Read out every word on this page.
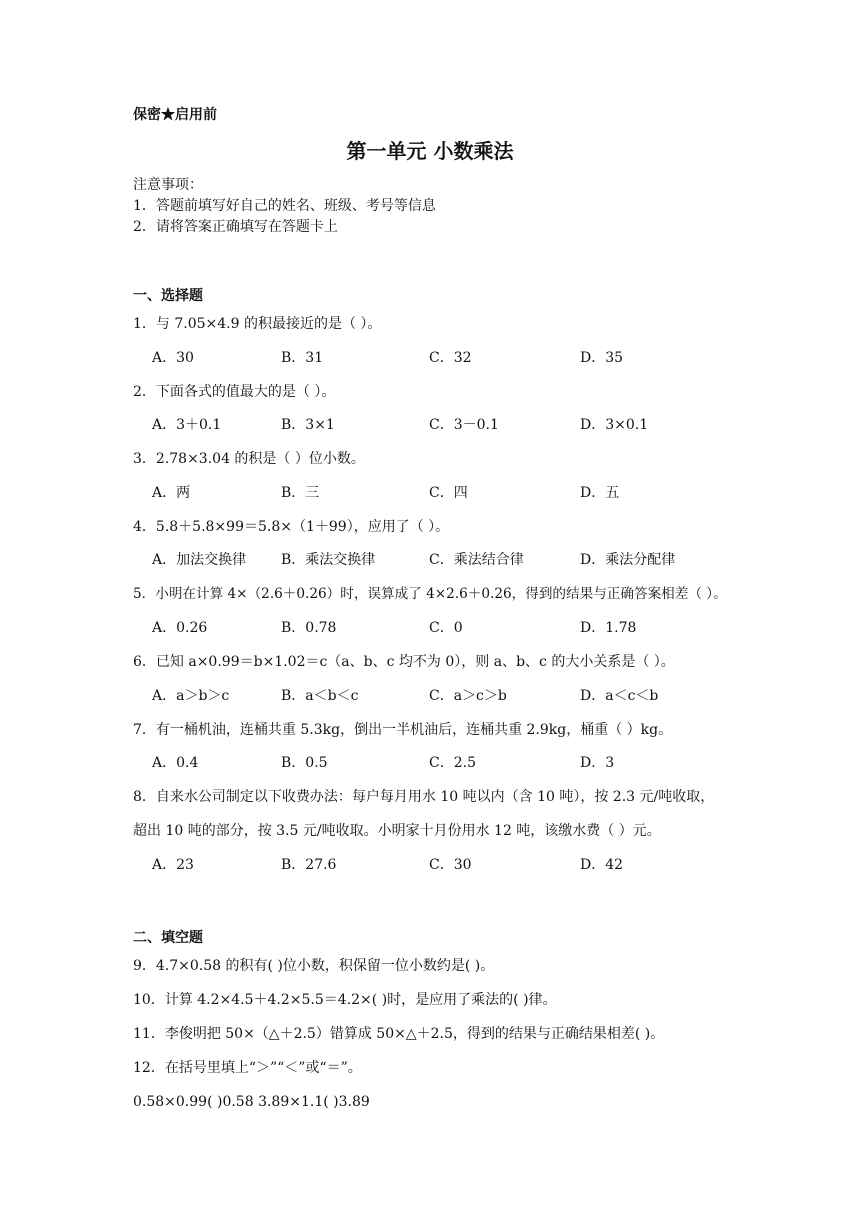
保密★启用前
第一单元 小数乘法
注意事项：
1．答题前填写好自己的姓名、班级、考号等信息
2．请将答案正确填写在答题卡上
一、选择题
1．与 7.05×4.9 的积最接近的是（ ）。
A．30	B．31	C．32	D．35
2．下面各式的值最大的是（ ）。
A．3＋0.1	B．3×1	C．3－0.1	D．3×0.1
3．2.78×3.04 的积是（ ）位小数。
A．两	B．三	C．四	D．五
4．5.8＋5.8×99＝5.8×（1＋99），应用了（ ）。
A．加法交换律 B．乘法交换律	C．乘法结合律	D．乘法分配律
5．小明在计算 4×（2.6＋0.26）时，误算成了 4×2.6＋0.26，得到的结果与正确答案相差（ ）。
A．0.26	B．0.78	C．0	D．1.78
6．已知 a×0.99＝b×1.02＝c（a、b、c 均不为 0），则 a、b、c 的大小关系是（ ）。
A．a＞b＞c	B．a＜b＜c	C．a＞c＞b	D．a＜c＜b
7．有一桶机油，连桶共重 5.3kg，倒出一半机油后，连桶共重 2.9kg，桶重（ ）kg。
A．0.4	B．0.5	C．2.5	D．3
8．自来水公司制定以下收费办法：每户每月用水 10 吨以内（含 10 吨），按 2.3 元/吨收取，
超出 10 吨的部分，按 3.5 元/吨收取。小明家十月份用水 12 吨，该缴水费（ ）元。
A．23	B．27.6	C．30	D．42
二、填空题
9．4.7×0.58 的积有( )位小数，积保留一位小数约是( )。
10．计算 4.2×4.5＋4.2×5.5＝4.2×( )时，是应用了乘法的( )律。
11．李俊明把 50×（△＋2.5）错算成 50×△＋2.5，得到的结果与正确结果相差( )。
12．在括号里填上“＞”“＜”或“＝”。
0.58×0.99( )0.58 3.89×1.1( )3.89
